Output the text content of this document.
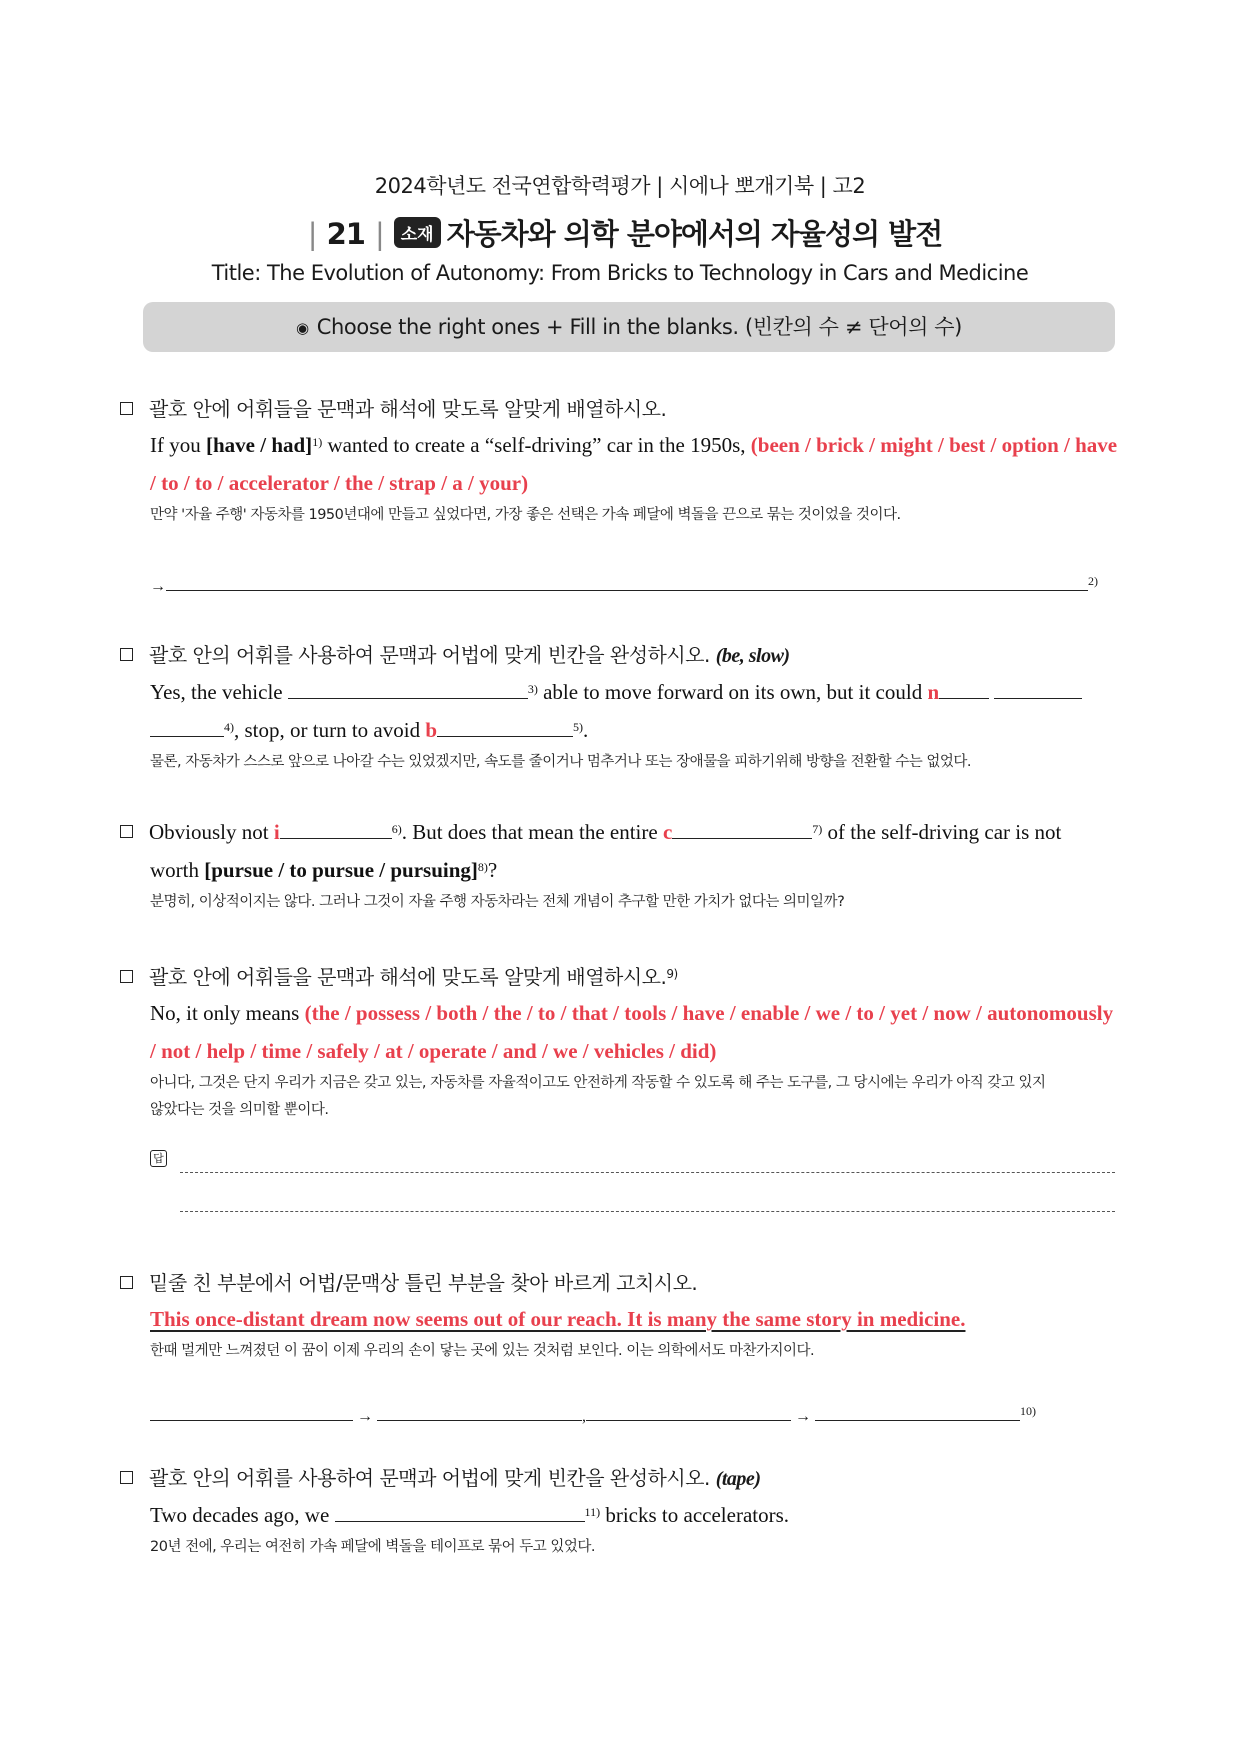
2024학년도 전국연합학력평가 | 시에나 뽀개기북 | 고2
| 21 | 소재 자동차와 의학 분야에서의 자율성의 발전
Title: The Evolution of Autonomy: From Bricks to Technology in Cars and Medicine
◉ Choose the right ones + Fill in the blanks. (빈칸의 수 ≠ 단어의 수)
괄호 안에 어휘들을 문맥과 해석에 맞도록 알맞게 배열하시오.
If you [have / had]$^{1)}$ wanted to create a “self-driving” car in the 1950s, (been / brick / might / best / option / have
/ to / to / accelerator / the / strap / a / your)
만약 '자율 주행' 자동차를 1950년대에 만들고 싶었다면, 가장 좋은 선택은 가속 페달에 벽돌을 끈으로 묶는 것이었을 것이다.
→	$^{2)}$
괄호 안의 어휘를 사용하여 문맥과 어법에 맞게 빈칸을 완성하시오. (be, slow)
Yes, the vehicle	$^{3)}$ able to move forward on its own, but it could n
$^{4)}$, stop, or turn to avoid b	$^{5)}$.
물론, 자동차가 스스로 앞으로 나아갈 수는 있었겠지만, 속도를 줄이거나 멈추거나 또는 장애물을 피하기위해 방향을 전환할 수는 없었다.
Obviously not i	$^{6)}$. But does that mean the entire c	$^{7)}$ of the self-driving car is not
worth [pursue / to pursue / pursuing]$^{8)}$?
분명히, 이상적이지는 않다. 그러나 그것이 자율 주행 자동차라는 전체 개념이 추구할 만한 가치가 없다는 의미일까?
괄호 안에 어휘들을 문맥과 해석에 맞도록 알맞게 배열하시오.$^{9)}$
No, it only means (the / possess / both / the / to / that / tools / have / enable / we / to / yet / now / autonomously
/ not / help / time / safely / at / operate / and / we / vehicles / did)
아니다, 그것은 단지 우리가 지금은 갖고 있는, 자동차를 자율적이고도 안전하게 작동할 수 있도록 해 주는 도구를, 그 당시에는 우리가 아직 갖고 있지
않았다는 것을 의미할 뿐이다.
답
밑줄 친 부분에서 어법/문맥상 틀린 부분을 찾아 바르게 고치시오.
This once-distant dream now seems out of our reach. It is many the same story in medicine.
한때 멀게만 느껴졌던 이 꿈이 이제 우리의 손이 닿는 곳에 있는 것처럼 보인다. 이는 의학에서도 마찬가지이다.
→	,	→	$^{10)}$
괄호 안의 어휘를 사용하여 문맥과 어법에 맞게 빈칸을 완성하시오. (tape)
Two decades ago, we	$^{11)}$ bricks to accelerators.
20년 전에, 우리는 여전히 가속 페달에 벽돌을 테이프로 묶어 두고 있었다.
